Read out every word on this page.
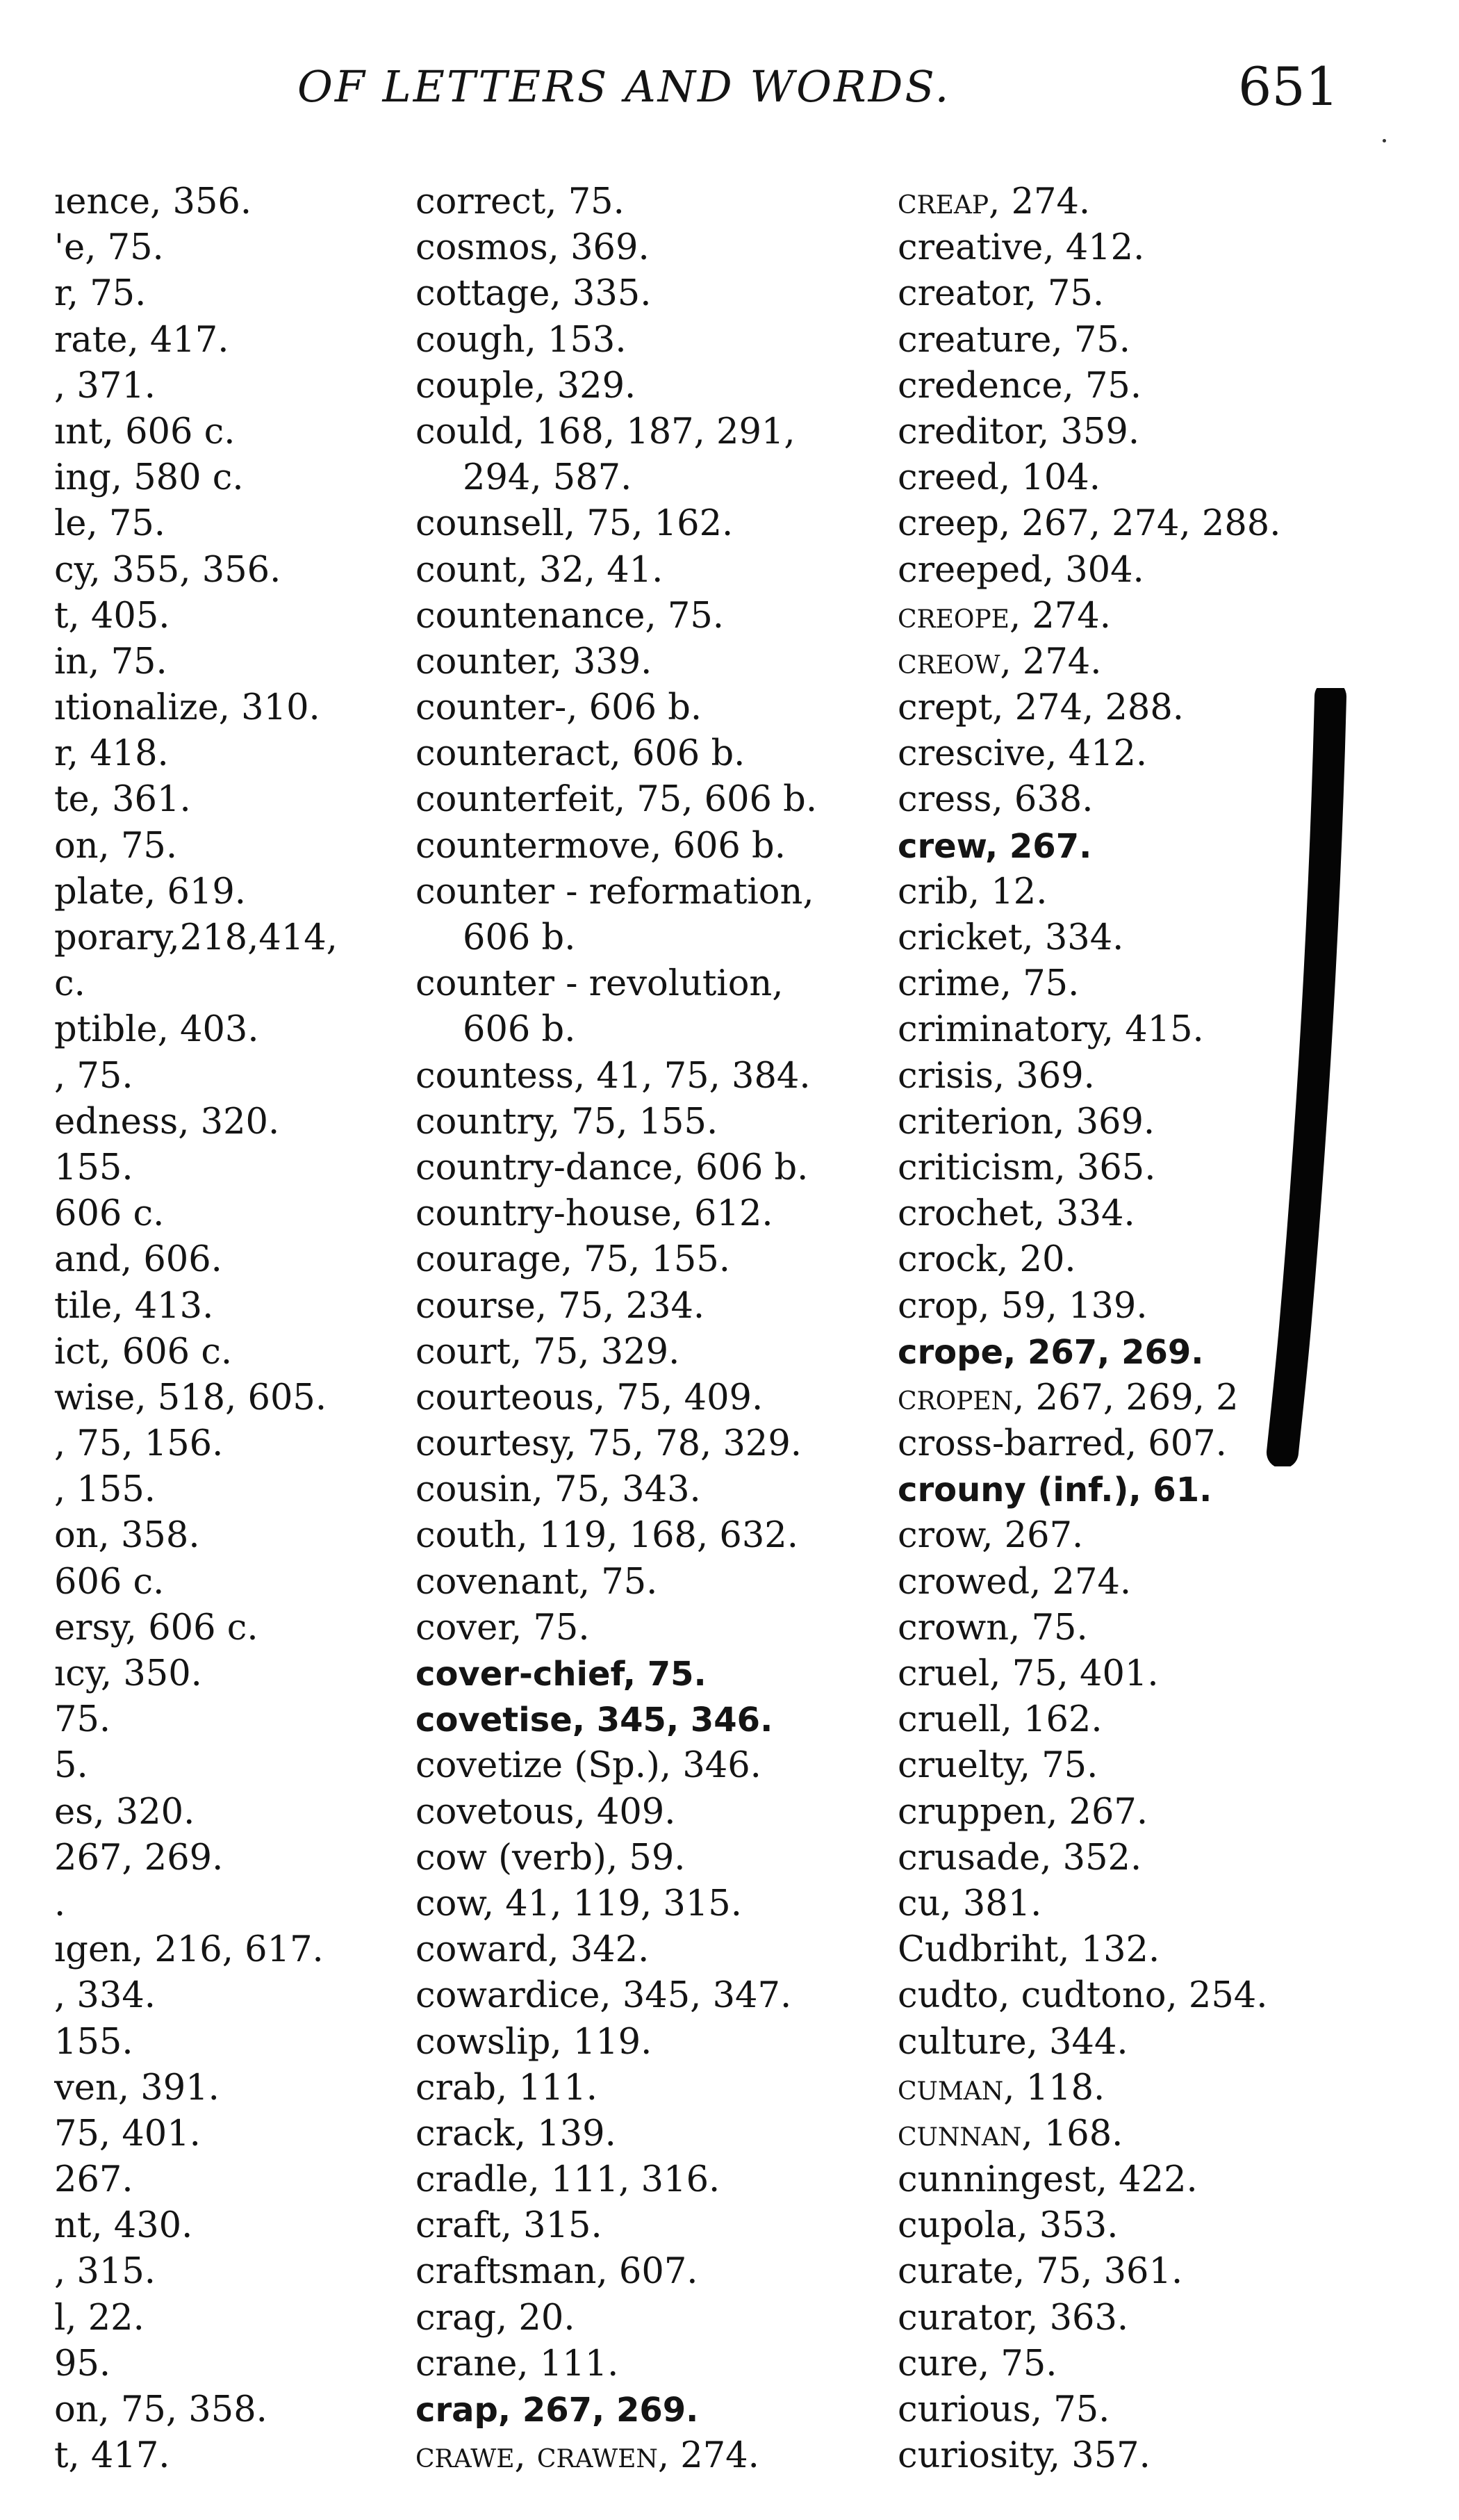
OF LETTERS AND WORDS.	651
ıence, 356.
'e, 75.
r, 75.
rate, 417.
, 371.
ınt, 606 c.
ing, 580 c.
le, 75.
cy, 355, 356.
t, 405.
in, 75.
ıtionalize, 310.
r, 418.
te, 361.
on, 75.
plate, 619.
porary,218,414,
c.
ptible, 403.
, 75.
edness, 320.
155.
606 c.
and, 606.
tile, 413.
ict, 606 c.
wise, 518, 605.
, 75, 156.
, 155.
on, 358.
606 c.
ersy, 606 c.
ıcy, 350.
75.
5.
es, 320.
267, 269.
.
ıgen, 216, 617.
, 334.
155.
ven, 391.
75, 401.
267.
nt, 430.
, 315.
l, 22.
95.
on, 75, 358.
t, 417.
correct, 75.
cosmos, 369.
cottage, 335.
cough, 153.
couple, 329.
could, 168, 187, 291,
294, 587.
counsell, 75, 162.
count, 32, 41.
countenance, 75.
counter, 339.
counter-, 606 b.
counteract, 606 b.
counterfeit, 75, 606 b.
countermove, 606 b.
counter - reformation,
606 b.
counter - revolution,
606 b.
countess, 41, 75, 384.
country, 75, 155.
country-dance, 606 b.
country-house, 612.
courage, 75, 155.
course, 75, 234.
court, 75, 329.
courteous, 75, 409.
courtesy, 75, 78, 329.
cousin, 75, 343.
couth, 119, 168, 632.
covenant, 75.
cover, 75.
cover-chief, 75.
covetise, 345, 346.
covetize (Sp.), 346.
covetous, 409.
cow (verb), 59.
cow, 41, 119, 315.
coward, 342.
cowardice, 345, 347.
cowslip, 119.
crab, 111.
crack, 139.
cradle, 111, 316.
craft, 315.
craftsman, 607.
crag, 20.
crane, 111.
crap, 267, 269.
crawe, crawen, 274.
creap, 274.
creative, 412.
creator, 75.
creature, 75.
credence, 75.
creditor, 359.
creed, 104.
creep, 267, 274, 288.
creeped, 304.
creope, 274.
creow, 274.
crept, 274, 288.
crescive, 412.
cress, 638.
crew, 267.
crib, 12.
cricket, 334.
crime, 75.
criminatory, 415.
crisis, 369.
criterion, 369.
criticism, 365.
crochet, 334.
crock, 20.
crop, 59, 139.
crope, 267, 269.
cropen, 267, 269, 2
cross-barred, 607.
crouny (inf.), 61.
crow, 267.
crowed, 274.
crown, 75.
cruel, 75, 401.
cruell, 162.
cruelty, 75.
cruppen, 267.
crusade, 352.
cu, 381.
Cudbriht, 132.
cudto, cudtono, 254.
culture, 344.
cuman, 118.
cunnan, 168.
cunningest, 422.
cupola, 353.
curate, 75, 361.
curator, 363.
cure, 75.
curious, 75.
curiosity, 357.
